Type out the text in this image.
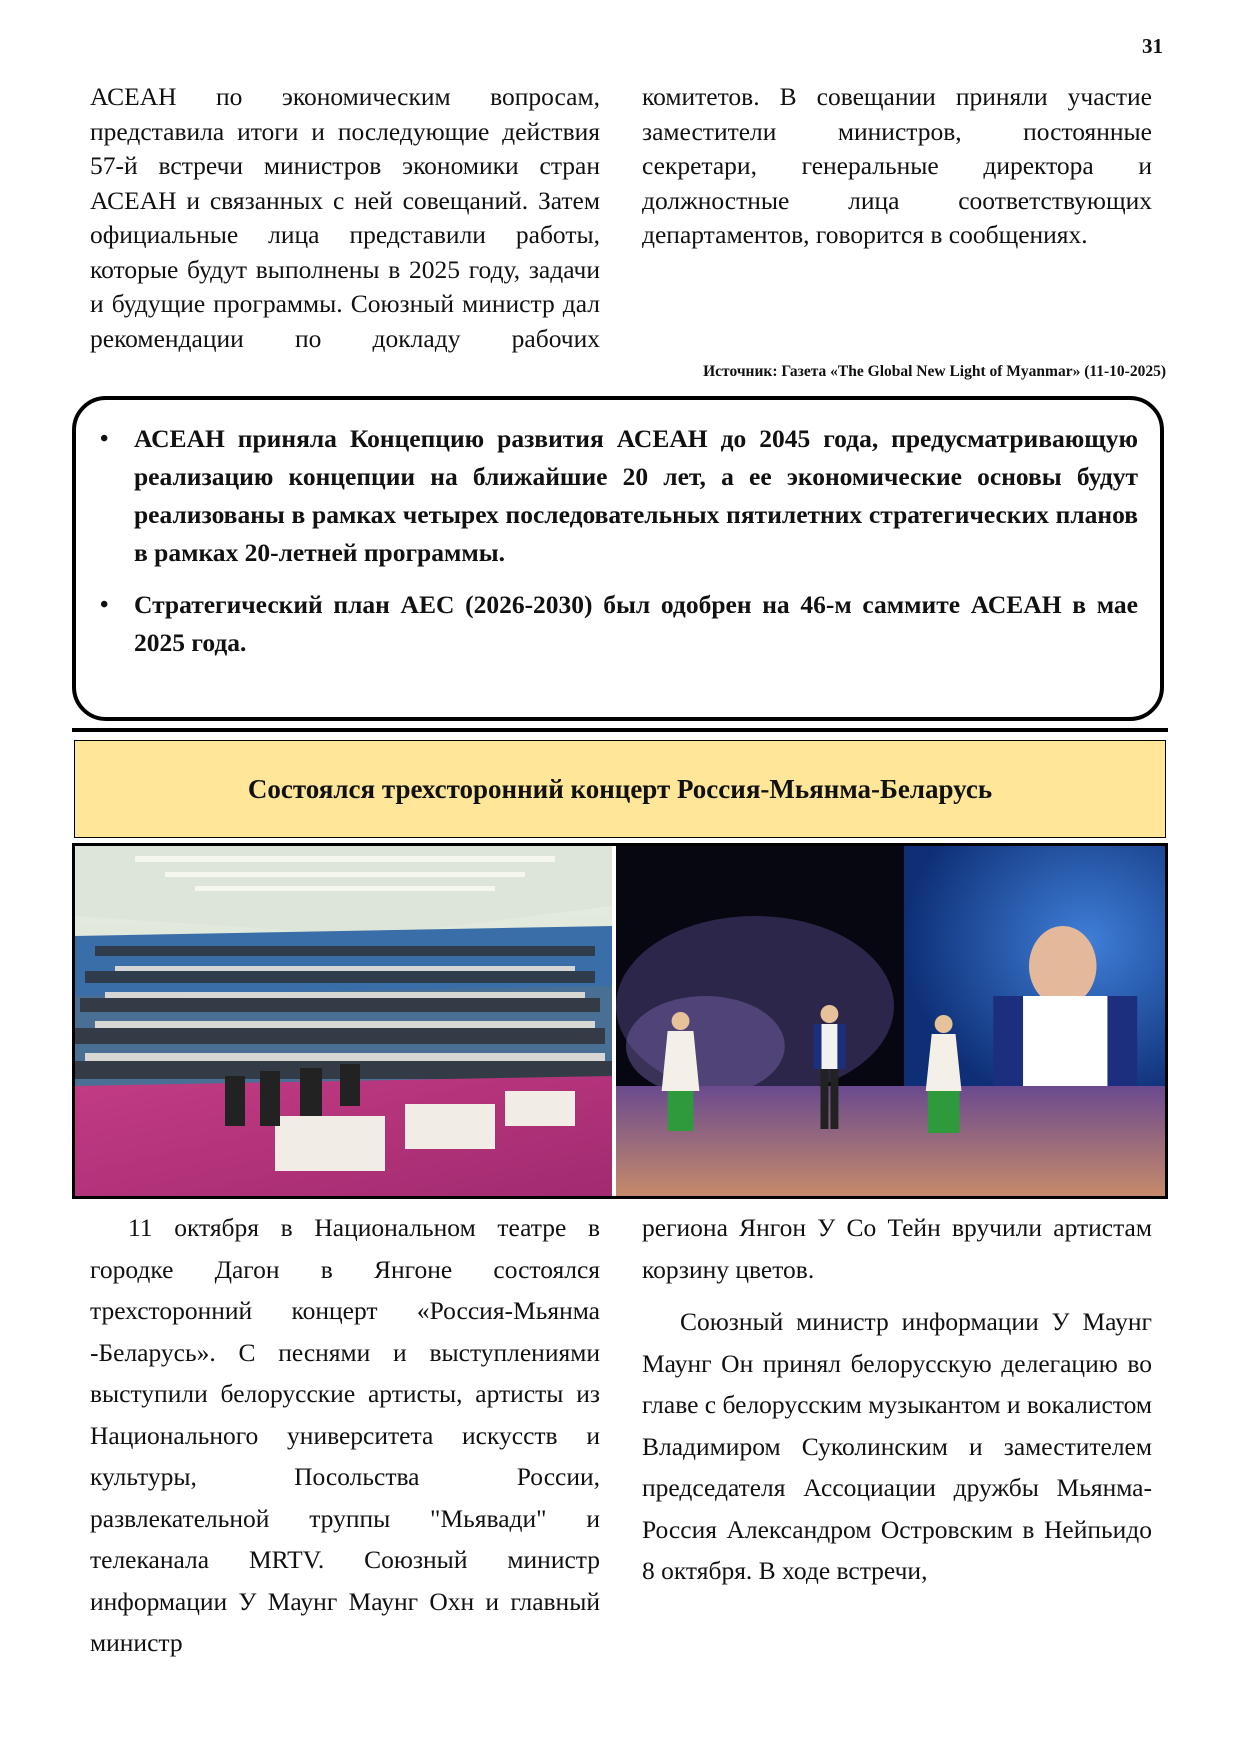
31

АСЕАН по экономическим вопросам, представила итоги и последующие действия 57-й встречи министров экономики стран АСЕАН и связанных с ней совещаний. Затем официальные лица представили работы, которые будут выполнены в 2025 году, задачи и будущие программы. Союзный министр дал рекомендации по докладу рабочих

комитетов. В совещании приняли участие заместители министров, постоянные секретари, генеральные директора и должностные лица соответствующих департаментов, говорится в сообщениях.

Источник: Газета «The Global New Light of Myanmar» (11-10-2025)
• АСЕАН приняла Концепцию развития АСЕАН до 2045 года, предусматривающую реализацию концепции на ближайшие 20 лет, а ее экономические основы будут реализованы в рамках четырех последовательных пятилетних стратегических планов в рамках 20-летней программы.
• Стратегический план АЕС (2026-2030) был одобрен на 46-м саммите АСЕАН в мае 2025 года.
Состоялся трехсторонний концерт Россия-Мьянма-Беларусь

11 октября в Национальном театре в городке Дагон в Янгоне состоялся трехсторонний концерт «Россия-Мьянма -Беларусь». С песнями и выступлениями выступили белорусские артисты, артисты из Национального университета искусств и культуры, Посольства России, развлекательной труппы "Мьявади" и телеканала MRTV. Союзный министр информации У Маунг Маунг Охн и главный министр

региона Янгон У Со Тейн вручили артистам корзину цветов.

Союзный министр информации У Маунг Маунг Он принял белорусскую делегацию во главе с белорусским музыкантом и вокалистом Владимиром Суколинским и заместителем председателя Ассоциации дружбы Мьянма-Россия Александром Островским в Нейпьидо 8 октября. В ходе встречи,
